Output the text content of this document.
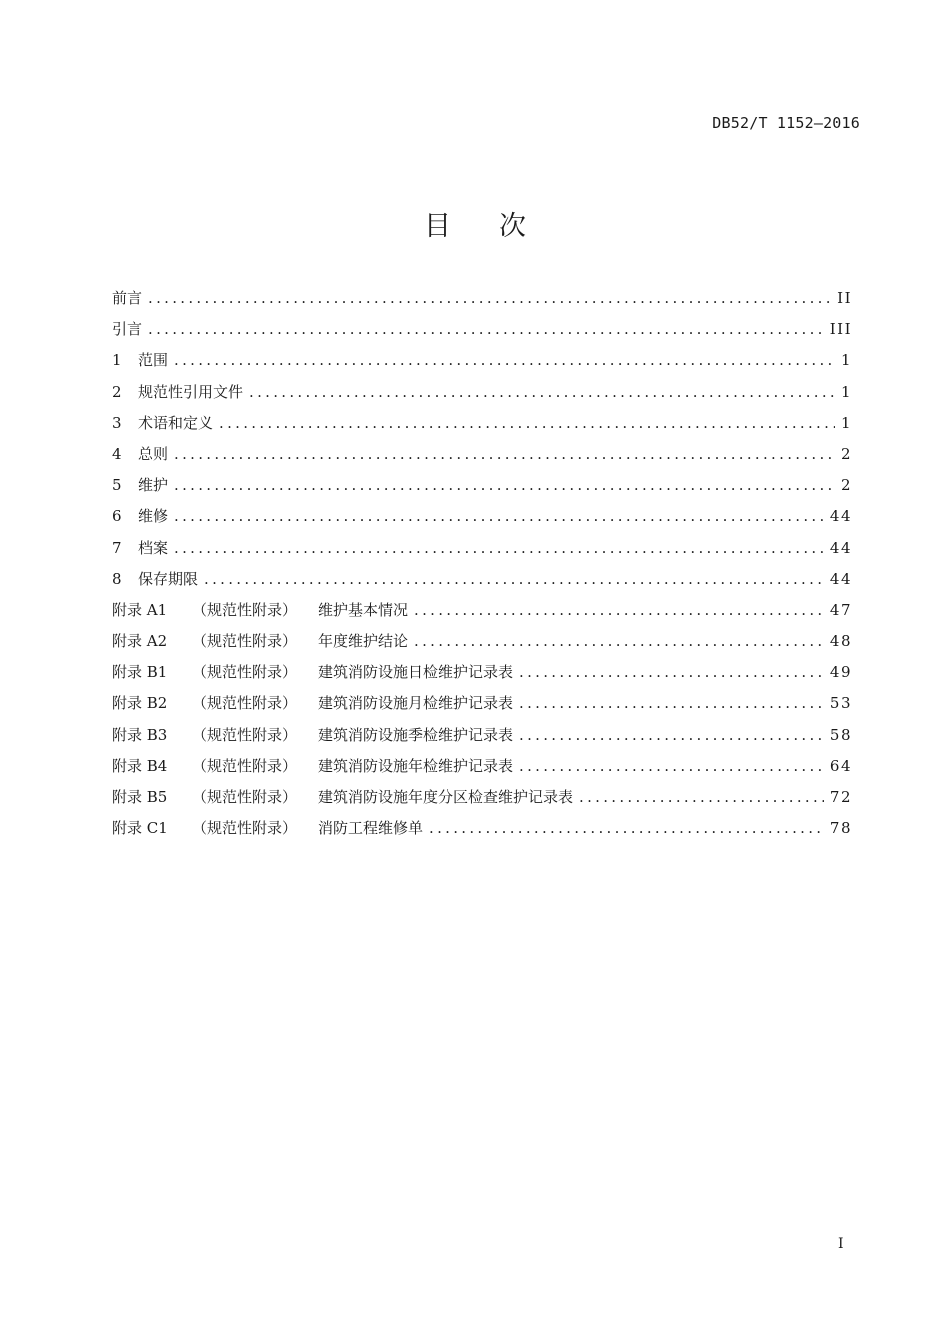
DB52/T 1152—2016
目次
前言 .....	II
引言 .....	III
1	范围 .....	1
2	规范性引用文件 .....	1
3	术语和定义 .....	1
4	总则 .....	2
5	维护 .....	2
6	维修 .....	44
7	档案 .....	44
8	保存期限 .....	44
附录 A1	（规范性附录）	维护基本情况 .....	47
附录 A2	（规范性附录）	年度维护结论 .....	48
附录 B1	（规范性附录）	建筑消防设施日检维护记录表 .....	49
附录 B2	（规范性附录）	建筑消防设施月检维护记录表 .....	53
附录 B3	（规范性附录）	建筑消防设施季检维护记录表 .....	58
附录 B4	（规范性附录）	建筑消防设施年检维护记录表 .....	64
附录 B5	（规范性附录）	建筑消防设施年度分区检查维护记录表 .....	72
附录 C1	（规范性附录）	消防工程维修单 .....	78
I
